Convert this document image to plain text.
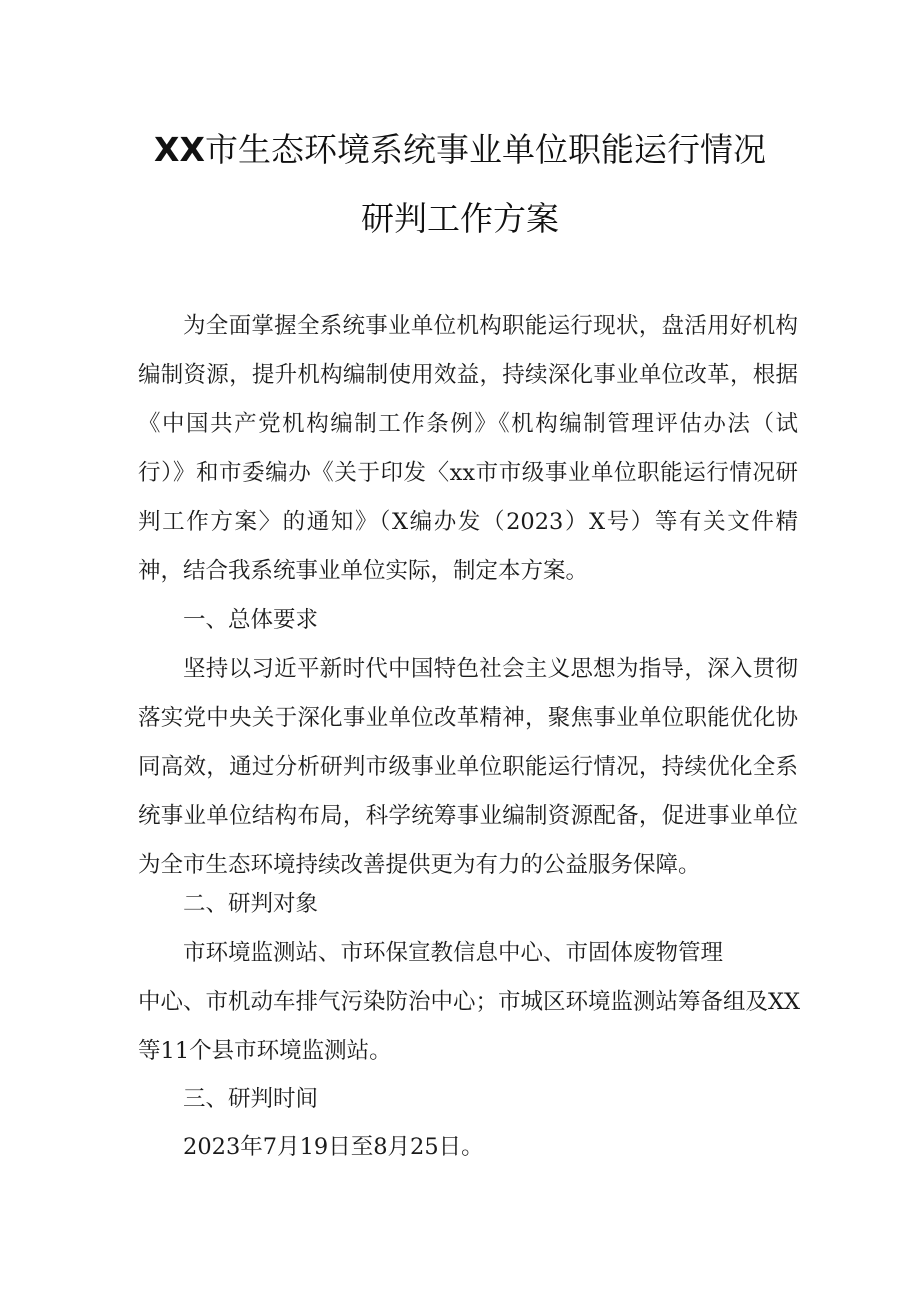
XX市生态环境系统事业单位职能运行情况
研判工作方案

为全面掌握全系统事业单位机构职能运行现状，盘活用好机构编制资源，提升机构编制使用效益，持续深化事业单位改革，根据《中国共产党机构编制工作条例》《机构编制管理评估办法（试行）》和市委编办《关于印发〈xx市市级事业单位职能运行情况研判工作方案〉的通知》（X编办发（2023）X号）等有关文件精神，结合我系统事业单位实际，制定本方案。

一、总体要求

坚持以习近平新时代中国特色社会主义思想为指导，深入贯彻落实党中央关于深化事业单位改革精神，聚焦事业单位职能优化协同高效，通过分析研判市级事业单位职能运行情况，持续优化全系统事业单位结构布局，科学统筹事业编制资源配备，促进事业单位为全市生态环境持续改善提供更为有力的公益服务保障。

二、研判对象

市环境监测站、市环保宣教信息中心、市固体废物管理
中心、市机动车排气污染防治中心；市城区环境监测站筹备组及XX
等11个县市环境监测站。

三、研判时间

2023年7月19日至8月25日。
